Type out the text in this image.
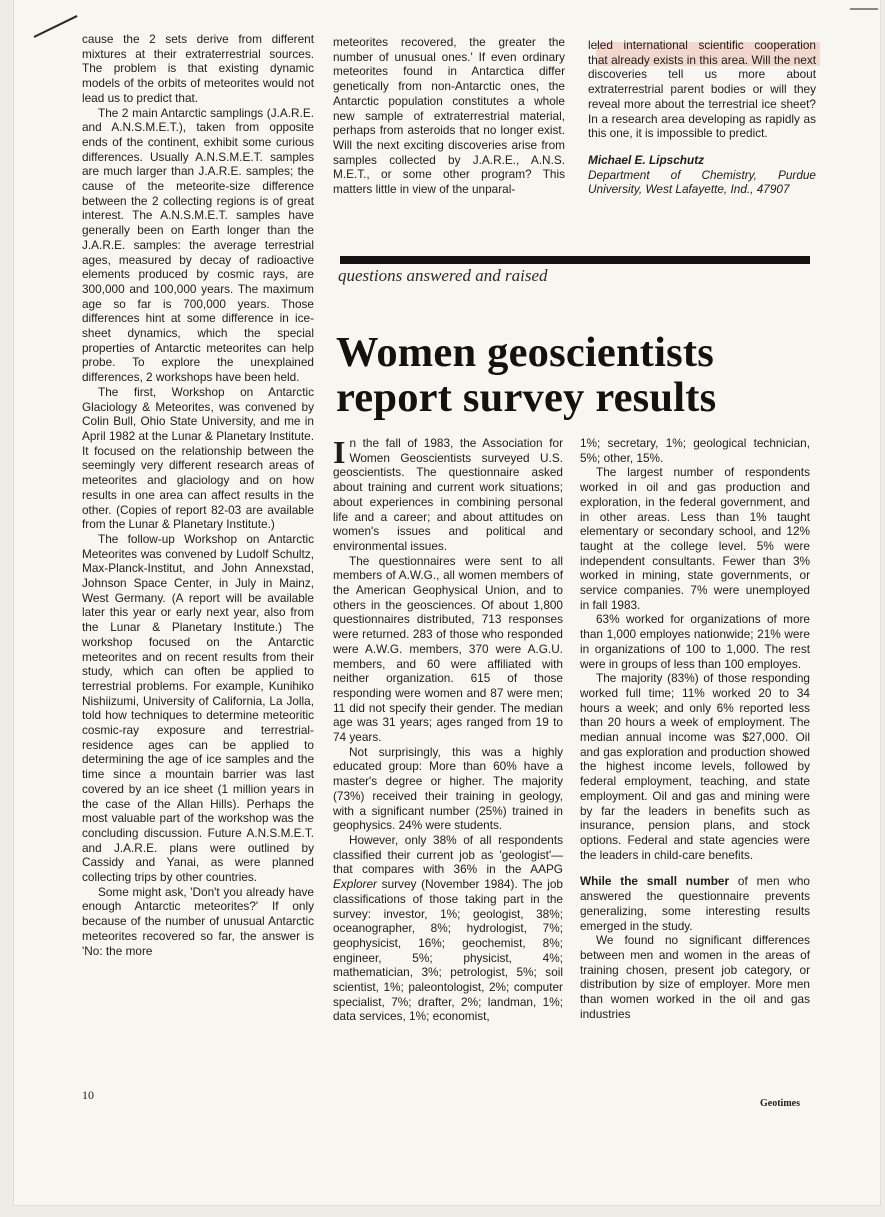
cause the 2 sets derive from different mixtures at their extraterrestrial sources. The problem is that existing dynamic models of the orbits of meteorites would not lead us to predict that.

The 2 main Antarctic samplings (J.A.R.E. and A.N.S.M.E.T.), taken from opposite ends of the continent, exhibit some curious differences. Usually A.N.S.M.E.T. samples are much larger than J.A.R.E. samples; the cause of the meteorite-size difference between the 2 collecting regions is of great interest. The A.N.S.M.E.T. samples have generally been on Earth longer than the J.A.R.E. samples: the average terrestrial ages, measured by decay of radioactive elements produced by cosmic rays, are 300,000 and 100,000 years. The maximum age so far is 700,000 years. Those differences hint at some difference in ice-sheet dynamics, which the special properties of Antarctic meteorites can help probe. To explore the unexplained differences, 2 workshops have been held.

The first, Workshop on Antarctic Glaciology & Meteorites, was convened by Colin Bull, Ohio State University, and me in April 1982 at the Lunar & Planetary Institute. It focused on the relationship between the seemingly very different research areas of meteorites and glaciology and on how results in one area can affect results in the other. (Copies of report 82-03 are available from the Lunar & Planetary Institute.)

The follow-up Workshop on Antarctic Meteorites was convened by Ludolf Schultz, Max-Planck-Institut, and John Annexstad, Johnson Space Center, in July in Mainz, West Germany. (A report will be available later this year or early next year, also from the Lunar & Planetary Institute.) The workshop focused on the Antarctic meteorites and on recent results from their study, which can often be applied to terrestrial problems. For example, Kunihiko Nishiizumi, University of California, La Jolla, told how techniques to determine meteoritic cosmic-ray exposure and terrestrial-residence ages can be applied to determining the age of ice samples and the time since a mountain barrier was last covered by an ice sheet (1 million years in the case of the Allan Hills). Perhaps the most valuable part of the workshop was the concluding discussion. Future A.N.S.M.E.T. and J.A.R.E. plans were outlined by Cassidy and Yanai, as were planned collecting trips by other countries.

Some might ask, 'Don't you already have enough Antarctic meteorites?' If only because of the number of unusual Antarctic meteorites recovered so far, the answer is 'No: the more

meteorites recovered, the greater the number of unusual ones.' If even ordinary meteorites found in Antarctica differ genetically from non-Antarctic ones, the Antarctic population constitutes a whole new sample of extraterrestrial material, perhaps from asteroids that no longer exist. Will the next exciting discoveries arise from samples collected by J.A.R.E., A.N.S. M.E.T., or some other program? This matters little in view of the unparal-

leled international scientific cooperation that already exists in this area. Will the next discoveries tell us more about extraterrestrial parent bodies or will they reveal more about the terrestrial ice sheet? In a research area developing as rapidly as this one, it is impossible to predict.

Michael E. Lipschutz
Department of Chemistry, Purdue University, West Lafayette, Ind., 47907
questions answered and raised
Women geoscientists
report survey results

In the fall of 1983, the Association for Women Geoscientists surveyed U.S. geoscientists. The questionnaire asked about training and current work situations; about experiences in combining personal life and a career; and about attitudes on women's issues and political and environmental issues.

The questionnaires were sent to all members of A.W.G., all women members of the American Geophysical Union, and to others in the geosciences. Of about 1,800 questionnaires distributed, 713 responses were returned. 283 of those who responded were A.W.G. members, 370 were A.G.U. members, and 60 were affiliated with neither organization. 615 of those responding were women and 87 were men; 11 did not specify their gender. The median age was 31 years; ages ranged from 19 to 74 years.

Not surprisingly, this was a highly educated group: More than 60% have a master's degree or higher. The majority (73%) received their training in geology, with a significant number (25%) trained in geophysics. 24% were students.

However, only 38% of all respondents classified their current job as 'geologist'—that compares with 36% in the AAPG Explorer survey (November 1984). The job classifications of those taking part in the survey: investor, 1%; geologist, 38%; oceanographer, 8%; hydrologist, 7%; geophysicist, 16%; geochemist, 8%; engineer, 5%; physicist, 4%; mathematician, 3%; petrologist, 5%; soil scientist, 1%; paleontologist, 2%; computer specialist, 7%; drafter, 2%; landman, 1%; data services, 1%; economist,

1%; secretary, 1%; geological technician, 5%; other, 15%.

The largest number of respondents worked in oil and gas production and exploration, in the federal government, and in other areas. Less than 1% taught elementary or secondary school, and 12% taught at the college level. 5% were independent consultants. Fewer than 3% worked in mining, state governments, or service companies. 7% were unemployed in fall 1983.

63% worked for organizations of more than 1,000 employes nationwide; 21% were in organizations of 100 to 1,000. The rest were in groups of less than 100 employes.

The majority (83%) of those responding worked full time; 11% worked 20 to 34 hours a week; and only 6% reported less than 20 hours a week of employment. The median annual income was $27,000. Oil and gas exploration and production showed the highest income levels, followed by federal employment, teaching, and state employment. Oil and gas and mining were by far the leaders in benefits such as insurance, pension plans, and stock options. Federal and state agencies were the leaders in child-care benefits.

While the small number of men who answered the questionnaire prevents generalizing, some interesting results emerged in the study.

We found no significant differences between men and women in the areas of training chosen, present job category, or distribution by size of employer. More men than women worked in the oil and gas industries

10
Geotimes
